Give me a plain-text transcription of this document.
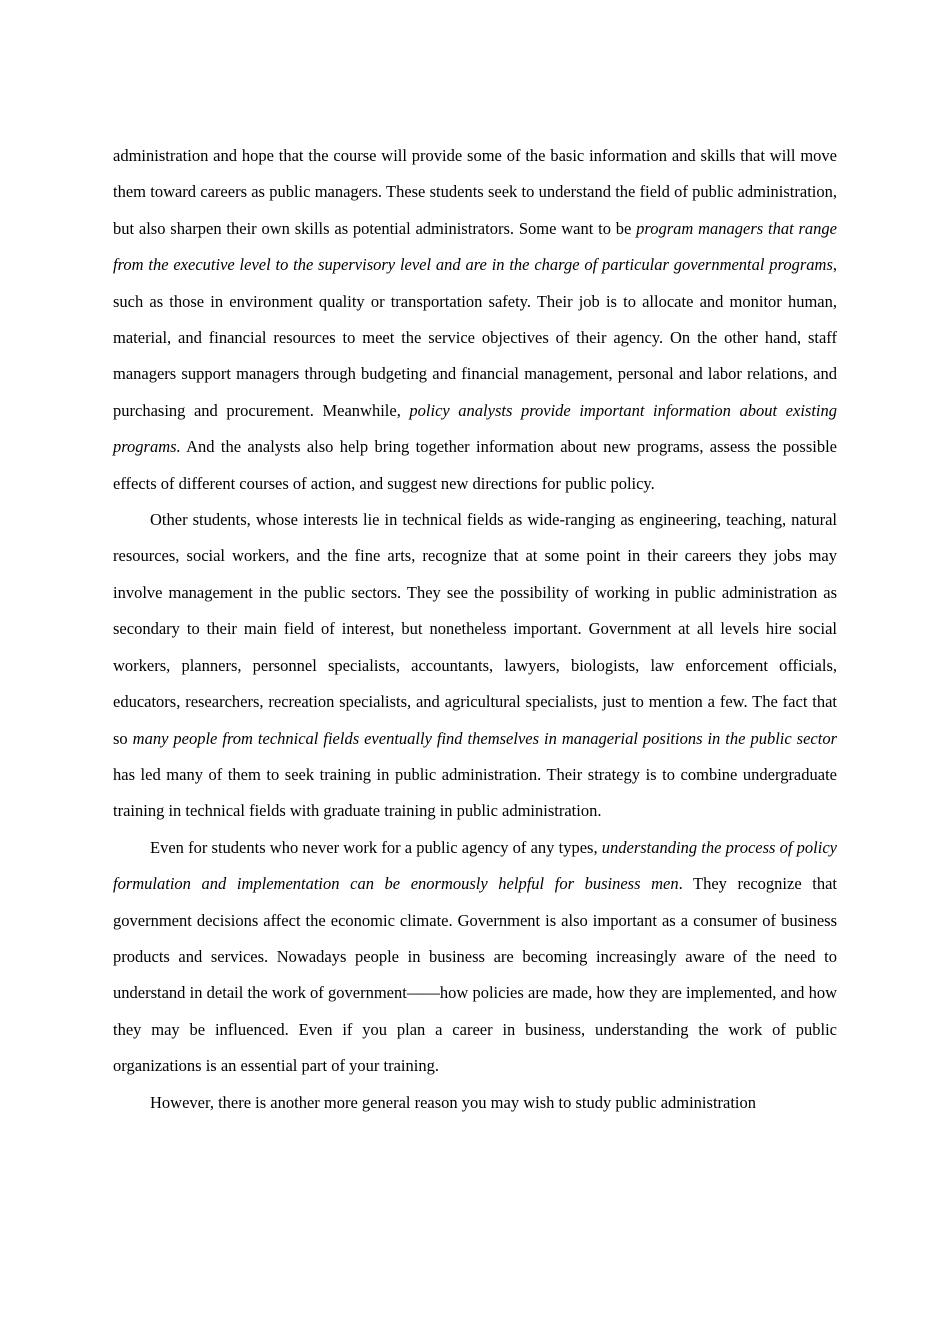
administration and hope that the course will provide some of the basic information and skills that will move them toward careers as public managers. These students seek to understand the field of public administration, but also sharpen their own skills as potential administrators. Some want to be program managers that range from the executive level to the supervisory level and are in the charge of particular governmental programs, such as those in environment quality or transportation safety. Their job is to allocate and monitor human, material, and financial resources to meet the service objectives of their agency. On the other hand, staff managers support managers through budgeting and financial management, personal and labor relations, and purchasing and procurement. Meanwhile, policy analysts provide important information about existing programs. And the analysts also help bring together information about new programs, assess the possible effects of different courses of action, and suggest new directions for public policy.

Other students, whose interests lie in technical fields as wide-ranging as engineering, teaching, natural resources, social workers, and the fine arts, recognize that at some point in their careers they jobs may involve management in the public sectors. They see the possibility of working in public administration as secondary to their main field of interest, but nonetheless important. Government at all levels hire social workers, planners, personnel specialists, accountants, lawyers, biologists, law enforcement officials, educators, researchers, recreation specialists, and agricultural specialists, just to mention a few. The fact that so many people from technical fields eventually find themselves in managerial positions in the public sector has led many of them to seek training in public administration. Their strategy is to combine undergraduate training in technical fields with graduate training in public administration.

Even for students who never work for a public agency of any types, understanding the process of policy formulation and implementation can be enormously helpful for business men. They recognize that government decisions affect the economic climate. Government is also important as a consumer of business products and services. Nowadays people in business are becoming increasingly aware of the need to understand in detail the work of government——how policies are made, how they are implemented, and how they may be influenced. Even if you plan a career in business, understanding the work of public organizations is an essential part of your training.

However, there is another more general reason you may wish to study public administration
